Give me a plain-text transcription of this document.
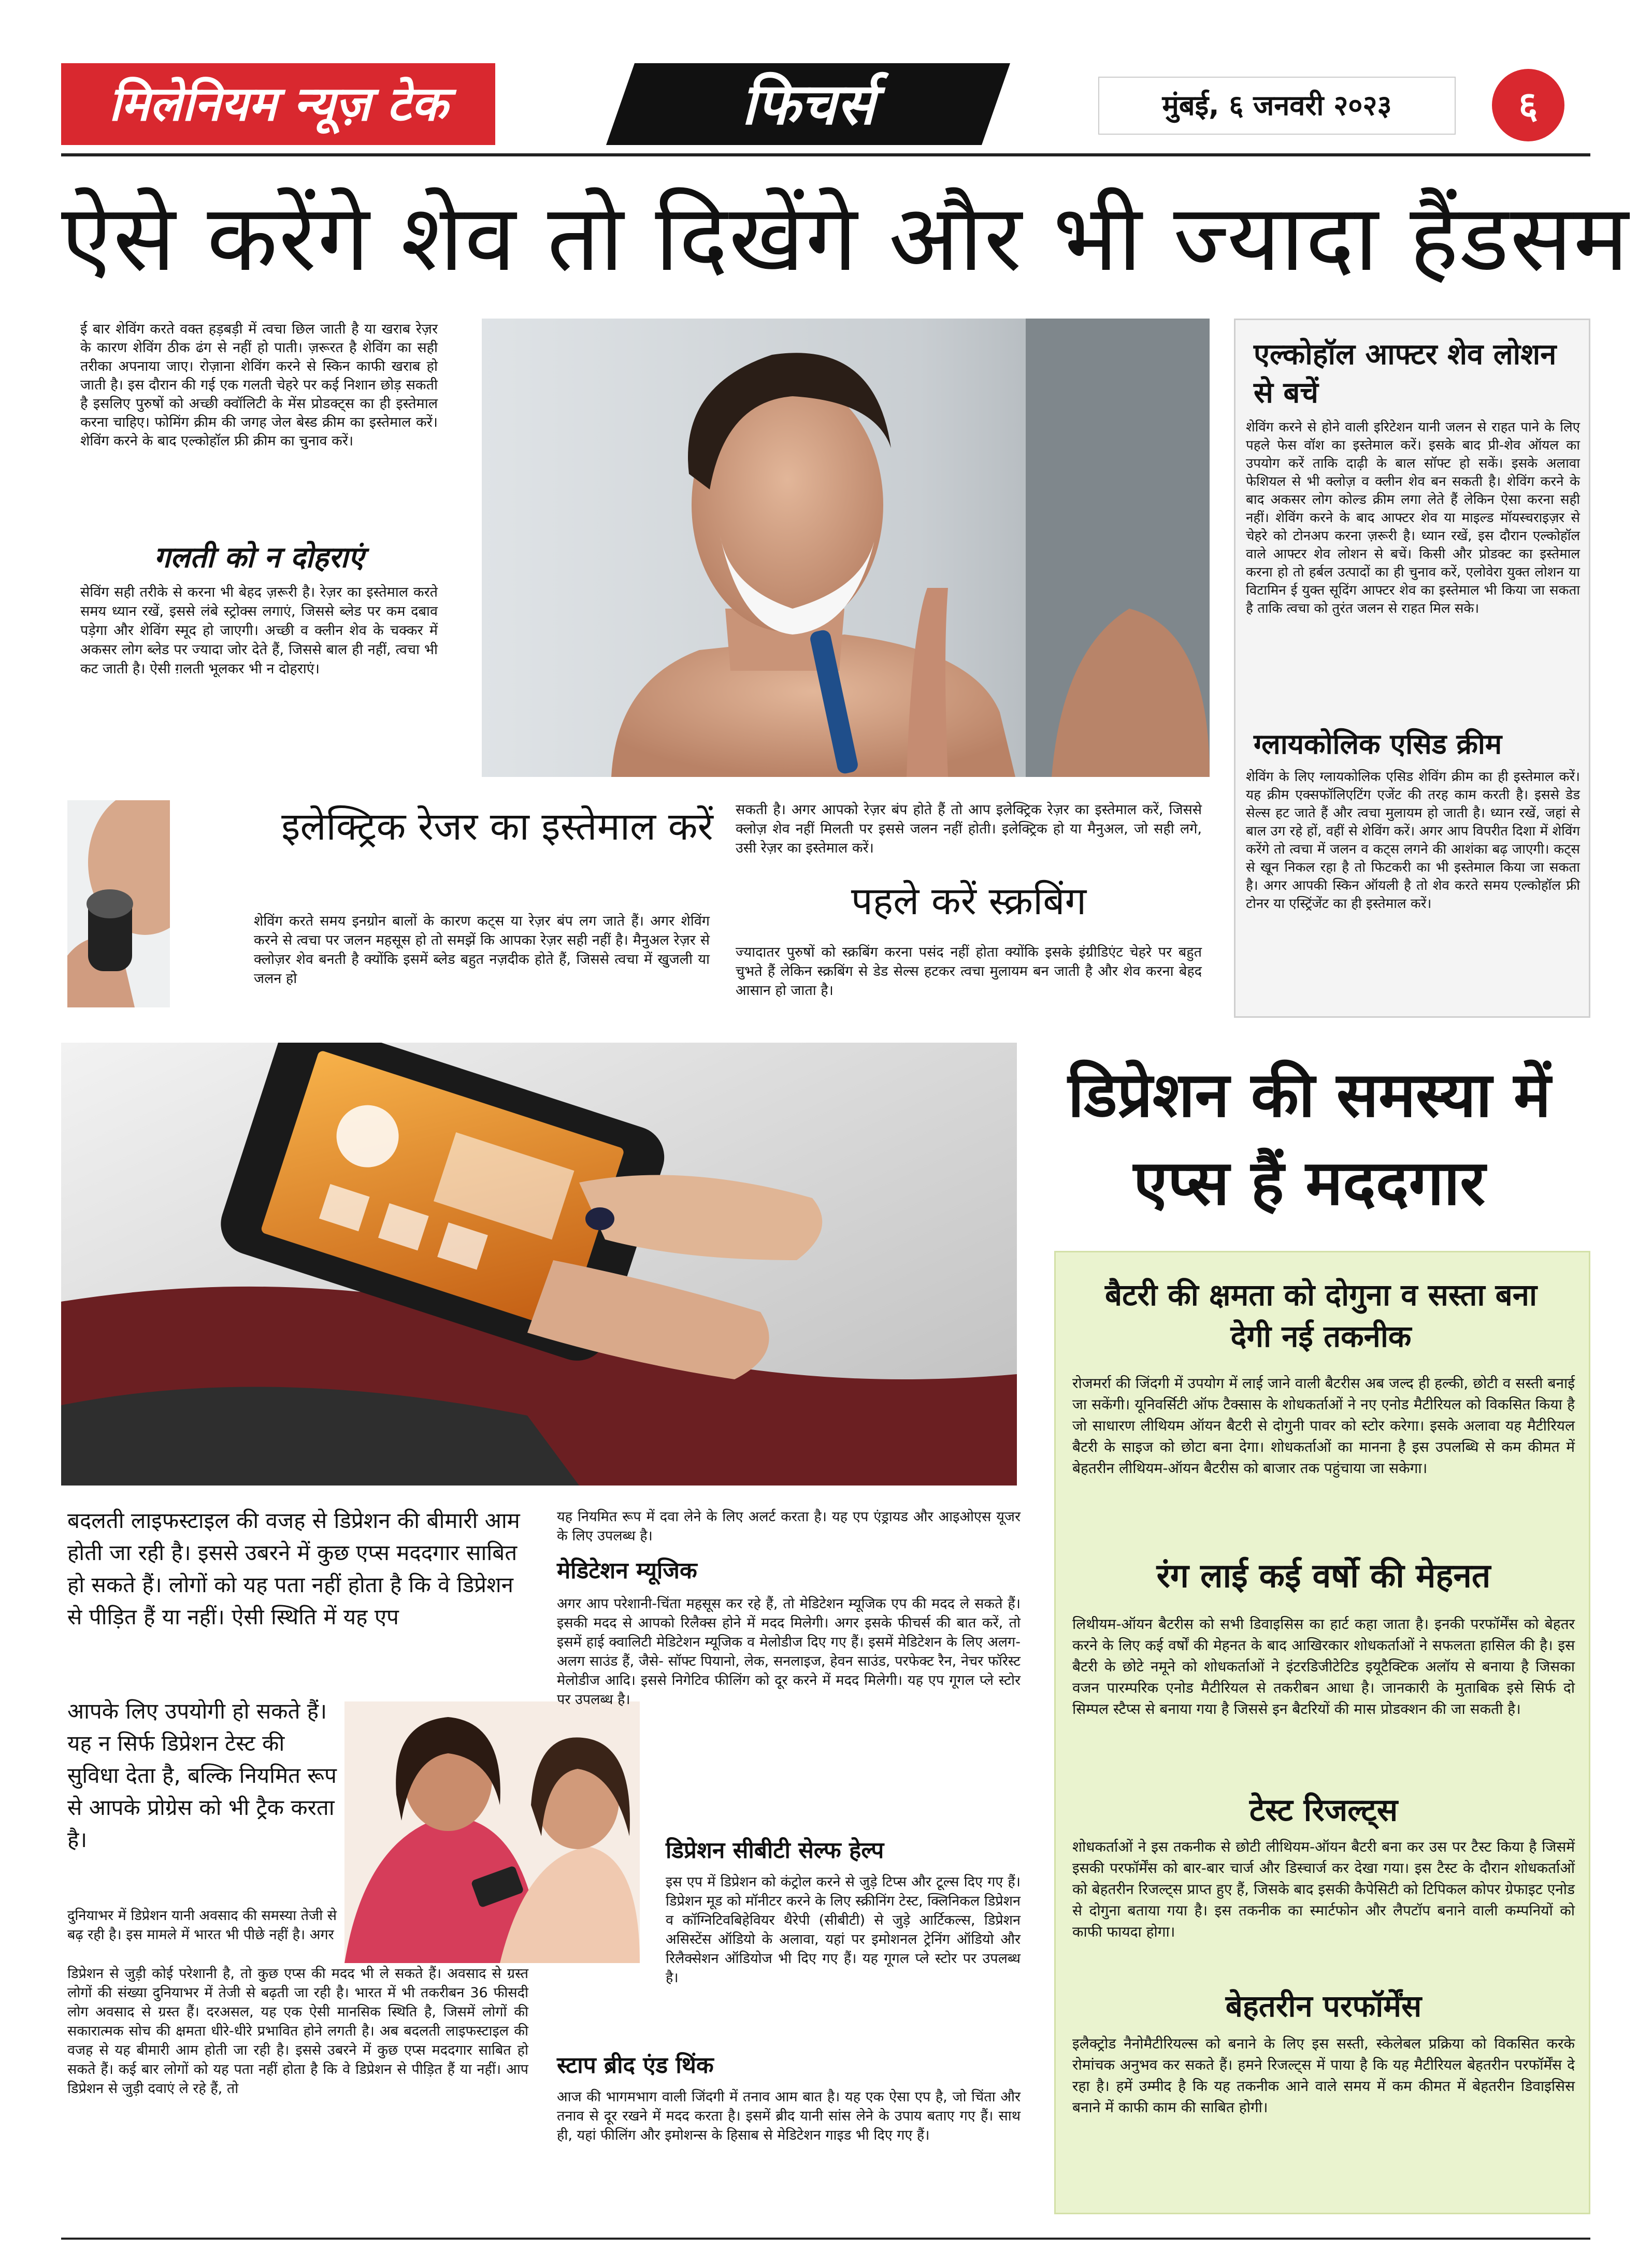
मिलेनियम न्यूज़ टेक	फिचर्स	मुंबई, ६ जनवरी २०२३	६
ऐसे करेंगे शेव तो दिखेंगे और भी ज्यादा हैंडसम
ई बार शेविंग करते वक्त हड़बड़ी में त्वचा छिल जाती है या खराब रेज़र के कारण शेविंग ठीक ढंग से नहीं हो पाती। ज़रूरत है शेविंग का सही तरीका अपनाया जाए। रोज़ाना शेविंग करने से स्किन काफी खराब हो जाती है। इस दौरान की गई एक गलती चेहरे पर कई निशान छोड़ सकती है इसलिए पुरुषों को अच्छी क्वॉलिटी के मेंस प्रोडक्ट्स का ही इस्तेमाल करना चाहिए। फोमिंग क्रीम की जगह जेल बेस्ड क्रीम का इस्तेमाल करें। शेविंग करने के बाद एल्कोहॉल फ्री क्रीम का चुनाव करें।
गलती को न दोहराएं
सेविंग सही तरीके से करना भी बेहद ज़रूरी है। रेज़र का इस्तेमाल करते समय ध्यान रखें, इससे लंबे स्ट्रोक्स लगाएं, जिससे ब्लेड पर कम दबाव पड़ेगा और शेविंग स्मूद हो जाएगी। अच्छी व क्लीन शेव के चक्कर में अकसर लोग ब्लेड पर ज्यादा जोर देते हैं, जिससे बाल ही नहीं, त्वचा भी कट जाती है। ऐसी ग़लती भूलकर भी न दोहराएं।
एल्कोहॉल आफ्टर शेव लोशन से बचें
शेविंग करने से होने वाली इरिटेशन यानी जलन से राहत पाने के लिए पहले फेस वॉश का इस्तेमाल करें। इसके बाद प्री-शेव ऑयल का उपयोग करें ताकि दाढ़ी के बाल सॉफ्ट हो सकें। इसके अलावा फेशियल से भी क्लोज़ व क्लीन शेव बन सकती है। शेविंग करने के बाद अकसर लोग कोल्ड क्रीम लगा लेते हैं लेकिन ऐसा करना सही नहीं। शेविंग करने के बाद आफ्टर शेव या माइल्ड मॉयस्चराइज़र से चेहरे को टोनअप करना ज़रूरी है। ध्यान रखें, इस दौरान एल्कोहॉल वाले आफ्टर शेव लोशन से बचें। किसी और प्रोडक्ट का इस्तेमाल करना हो तो हर्बल उत्पादों का ही चुनाव करें, एलोवेरा युक्त लोशन या विटामिन ई युक्त सूदिंग आफ्टर शेव का इस्तेमाल भी किया जा सकता है ताकि त्वचा को तुरंत जलन से राहत मिल सके।
ग्लायकोलिक एसिड क्रीम
शेविंग के लिए ग्लायकोलिक एसिड शेविंग क्रीम का ही इस्तेमाल करें। यह क्रीम एक्सफॉलिएटिंग एजेंट की तरह काम करती है। इससे डेड सेल्स हट जाते हैं और त्वचा मुलायम हो जाती है। ध्यान रखें, जहां से बाल उग रहे हों, वहीं से शेविंग करें। अगर आप विपरीत दिशा में शेविंग करेंगे तो त्वचा में जलन व कट्स लगने की आशंका बढ़ जाएगी। कट्स से खून निकल रहा है तो फिटकरी का भी इस्तेमाल किया जा सकता है। अगर आपकी स्किन ऑयली है तो शेव करते समय एल्कोहॉल फ्री टोनर या एस्ट्रिंजेंट का ही इस्तेमाल करें।
इलेक्ट्रिक रेजर का इस्तेमाल करें
शेविंग करते समय इनग्रोन बालों के कारण कट्स या रेज़र बंप लग जाते हैं। अगर शेविंग करने से त्वचा पर जलन महसूस हो तो समझें कि आपका रेज़र सही नहीं है। मैनुअल रेज़र से क्लोज़र शेव बनती है क्योंकि इसमें ब्लेड बहुत नज़दीक होते हैं, जिससे त्वचा में खुजली या जलन हो
सकती है। अगर आपको रेज़र बंप होते हैं तो आप इलेक्ट्रिक रेज़र का इस्तेमाल करें, जिससे क्लोज़ शेव नहीं मिलती पर इससे जलन नहीं होती। इलेक्ट्रिक हो या मैनुअल, जो सही लगे, उसी रेज़र का इस्तेमाल करें।
पहले करें स्क्रबिंग
ज्यादातर पुरुषों को स्क्रबिंग करना पसंद नहीं होता क्योंकि इसके इंग्रीडिएंट चेहरे पर बहुत चुभते हैं लेकिन स्क्रबिंग से डेड सेल्स हटकर त्वचा मुलायम बन जाती है और शेव करना बेहद आसान हो जाता है।
डिप्रेशन की समस्या में एप्स हैं मददगार
बैटरी की क्षमता को दोगुना व सस्ता बना देगी नई तकनीक
रोजमर्रा की जिंदगी में उपयोग में लाई जाने वाली बैटरीस अब जल्द ही हल्की, छोटी व सस्ती बनाई जा सकेंगी। यूनिवर्सिटी ऑफ टैक्सास के शोधकर्ताओं ने नए एनोड मैटीरियल को विकसित किया है जो साधारण लीथियम ऑयन बैटरी से दोगुनी पावर को स्टोर करेगा। इसके अलावा यह मैटीरियल बैटरी के साइज को छोटा बना देगा। शोधकर्ताओं का मानना है इस उपलब्धि से कम कीमत में बेहतरीन लीथियम-ऑयन बैटरीस को बाजार तक पहुंचाया जा सकेगा।
रंग लाई कई वर्षो की मेहनत
लिथीयम-ऑयन बैटरीस को सभी डिवाइसिस का हार्ट कहा जाता है। इनकी परफॉर्मेंस को बेहतर करने के लिए कई वर्षों की मेहनत के बाद आखिरकार शोधकर्ताओं ने सफलता हासिल की है। इस बैटरी के छोटे नमूने को शोधकर्ताओं ने इंटरडिजीटेटिड इयूटैक्टिक अलॉय से बनाया है जिसका वजन पारम्परिक एनोड मैटीरियल से तकरीबन आधा है। जानकारी के मुताबिक इसे सिर्फ दो सिम्पल स्टैप्स से बनाया गया है जिससे इन बैटरियों की मास प्रोडक्शन की जा सकती है।
टेस्ट रिजल्ट्स
शोधकर्ताओं ने इस तकनीक से छोटी लीथियम-ऑयन बैटरी बना कर उस पर टैस्ट किया है जिसमें इसकी परफॉर्मेंस को बार-बार चार्ज और डिस्चार्ज कर देखा गया। इस टैस्ट के दौरान शोधकर्ताओं को बेहतरीन रिजल्ट्स प्राप्त हुए हैं, जिसके बाद इसकी कैपेसिटी को टिपिकल कोपर ग्रेफाइट एनोड से दोगुना बताया गया है। इस तकनीक का स्मार्टफोन और लैपटॉप बनाने वाली कम्पनियों को काफी फायदा होगा।
बेहतरीन परफॉर्मेंस
इलैक्ट्रोड नैनोमैटीरियल्स को बनाने के लिए इस सस्ती, स्केलेबल प्रक्रिया को विकसित करके रोमांचक अनुभव कर सकते हैं। हमने रिजल्ट्स में पाया है कि यह मैटीरियल बेहतरीन परफॉर्मेंस दे रहा है। हमें उम्मीद है कि यह तकनीक आने वाले समय में कम कीमत में बेहतरीन डिवाइसिस बनाने में काफी काम की साबित होगी।
बदलती लाइफस्टाइल की वजह से डिप्रेशन की बीमारी आम होती जा रही है। इससे उबरने में कुछ एप्स मददगार साबित हो सकते हैं। लोगों को यह पता नहीं होता है कि वे डिप्रेशन से पीड़ित हैं या नहीं। ऐसी स्थिति में यह एप
आपके लिए उपयोगी हो सकते हैं। यह न सिर्फ डिप्रेशन टेस्ट की सुविधा देता है, बल्कि नियमित रूप से आपके प्रोग्रेस को भी ट्रैक करता है।
दुनियाभर में डिप्रेशन यानी अवसाद की समस्या तेजी से बढ़ रही है। इस मामले में भारत भी पीछे नहीं है। अगर
डिप्रेशन से जुड़ी कोई परेशानी है, तो कुछ एप्स की मदद भी ले सकते हैं। अवसाद से ग्रस्त लोगों की संख्या दुनियाभर में तेजी से बढ़ती जा रही है। भारत में भी तकरीबन 36 फीसदी लोग अवसाद से ग्रस्त हैं। दरअसल, यह एक ऐसी मानसिक स्थिति है, जिसमें लोगों की सकारात्मक सोच की क्षमता धीरे-धीरे प्रभावित होने लगती है। अब बदलती लाइफस्टाइल की वजह से यह बीमारी आम होती जा रही है। इससे उबरने में कुछ एप्स मददगार साबित हो सकते हैं। कई बार लोगों को यह पता नहीं होता है कि वे डिप्रेशन से पीड़ित हैं या नहीं। आप डिप्रेशन से जुड़ी दवाएं ले रहे हैं, तो
यह नियमित रूप में दवा लेने के लिए अलर्ट करता है। यह एप एंड्रायड और आइओएस यूजर के लिए उपलब्ध है।
मेडिटेशन म्यूजिक
अगर आप परेशानी-चिंता महसूस कर रहे हैं, तो मेडिटेशन म्यूजिक एप की मदद ले सकते हैं। इसकी मदद से आपको रिलैक्स होने में मदद मिलेगी। अगर इसके फीचर्स की बात करें, तो इसमें हाई क्वालिटी मेडिटेशन म्यूजिक व मेलोडीज दिए गए हैं। इसमें मेडिटेशन के लिए अलग-अलग साउंड हैं, जैसे- सॉफ्ट पियानो, लेक, सनलाइज, हेवन साउंड, परफेक्ट रैन, नेचर फॉरेस्ट मेलोडीज आदि। इससे निगेटिव फीलिंग को दूर करने में मदद मिलेगी। यह एप गूगल प्ले स्टोर पर उपलब्ध है।
डिप्रेशन सीबीटी सेल्फ हेल्प
इस एप में डिप्रेशन को कंट्रोल करने से जुड़े टिप्स और टूल्स दिए गए हैं। डिप्रेशन मूड को मॉनीटर करने के लिए स्क्रीनिंग टेस्ट, क्लिनिकल डिप्रेशन व कॉग्निटिवबिहेवियर थैरेपी (सीबीटी) से जुड़े आर्टिकल्स, डिप्रेशन असिस्टेंस ऑडियो के अलावा, यहां पर इमोशनल ट्रेनिंग ऑडियो और रिलैक्सेशन ऑडियोज भी दिए गए हैं। यह गूगल प्ले स्टोर पर उपलब्ध है।
स्टाप ब्रीद एंड थिंक
आज की भागमभाग वाली जिंदगी में तनाव आम बात है। यह एक ऐसा एप है, जो चिंता और तनाव से दूर रखने में मदद करता है। इसमें ब्रीद यानी सांस लेने के उपाय बताए गए हैं। साथ ही, यहां फीलिंग और इमोशन्स के हिसाब से मेडिटेशन गाइड भी दिए गए हैं।
